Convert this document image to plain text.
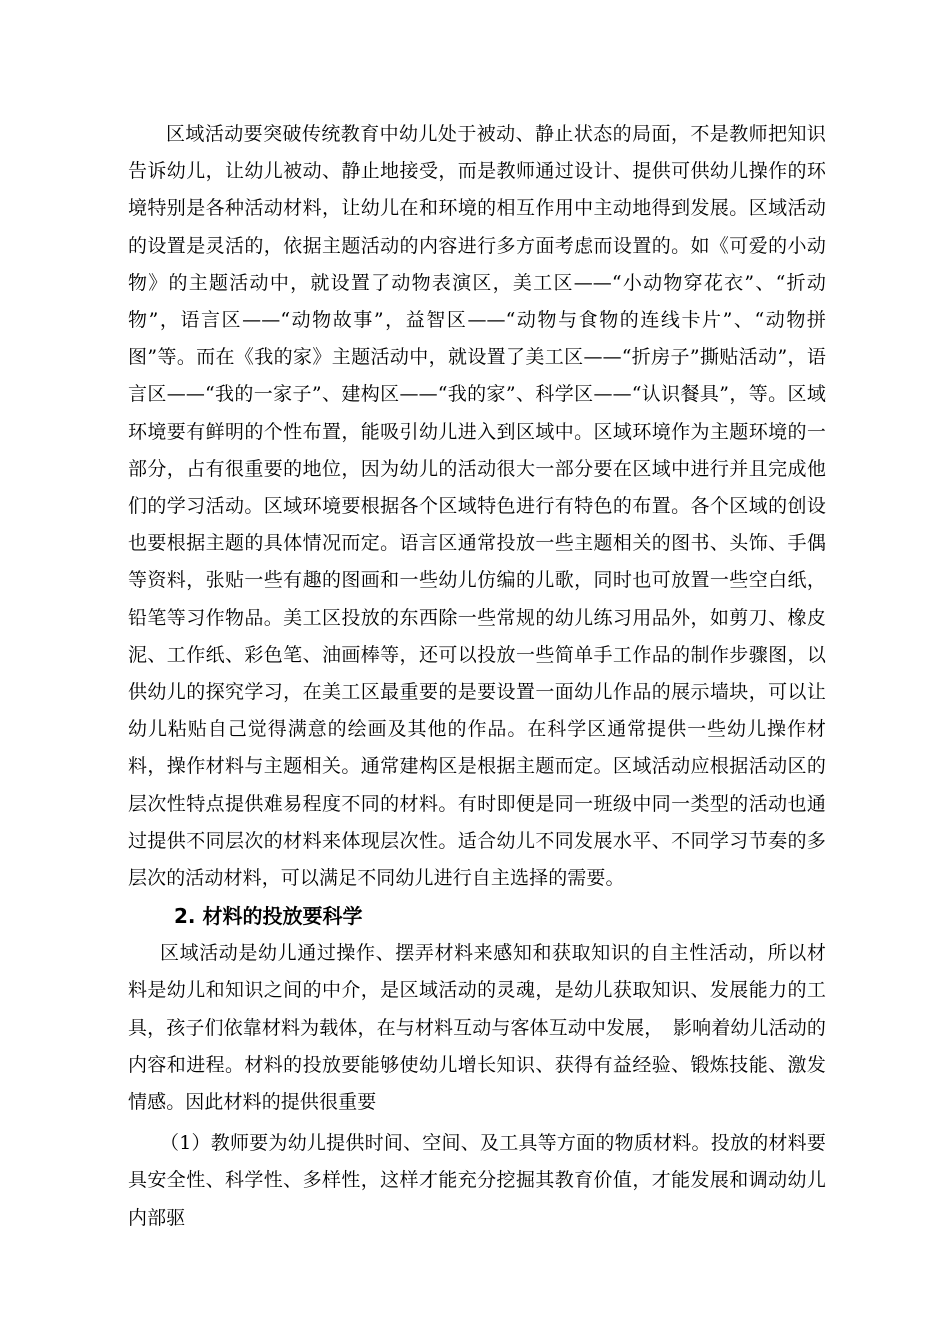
区域活动要突破传统教育中幼儿处于被动、静止状态的局面，不是教师把知识告诉幼儿，让幼儿被动、静止地接受，而是教师通过设计、提供可供幼儿操作的环境特别是各种活动材料，让幼儿在和环境的相互作用中主动地得到发展。区域活动的设置是灵活的，依据主题活动的内容进行多方面考虑而设置的。如《可爱的小动物》的主题活动中，就设置了动物表演区，美工区——“小动物穿花衣”、“折动物”，语言区——“动物故事”，益智区——“动物与食物的连线卡片”、“动物拼图”等。而在《我的家》主题活动中，就设置了美工区——“折房子”撕贴活动”，语言区——“我的一家子”、建构区——“我的家”、科学区——“认识餐具”，等。区域环境要有鲜明的个性布置，能吸引幼儿进入到区域中。区域环境作为主题环境的一部分，占有很重要的地位，因为幼儿的活动很大一部分要在区域中进行并且完成他们的学习活动。区域环境要根据各个区域特色进行有特色的布置。各个区域的创设也要根据主题的具体情况而定。语言区通常投放一些主题相关的图书、头饰、手偶等资料，张贴一些有趣的图画和一些幼儿仿编的儿歌，同时也可放置一些空白纸，铅笔等习作物品。美工区投放的东西除一些常规的幼儿练习用品外，如剪刀、橡皮泥、工作纸、彩色笔、油画棒等，还可以投放一些简单手工作品的制作步骤图，以供幼儿的探究学习，在美工区最重要的是要设置一面幼儿作品的展示墙块，可以让幼儿粘贴自己觉得满意的绘画及其他的作品。在科学区通常提供一些幼儿操作材料，操作材料与主题相关。通常建构区是根据主题而定。区域活动应根据活动区的层次性特点提供难易程度不同的材料。有时即便是同一班级中同一类型的活动也通过提供不同层次的材料来体现层次性。适合幼儿不同发展水平、不同学习节奏的多层次的活动材料，可以满足不同幼儿进行自主选择的需要。

2. 材料的投放要科学

区域活动是幼儿通过操作、摆弄材料来感知和获取知识的自主性活动，所以材料是幼儿和知识之间的中介，是区域活动的灵魂，是幼儿获取知识、发展能力的工具，孩子们依靠材料为载体，在与材料互动与客体互动中发展，　影响着幼儿活动的内容和进程。材料的投放要能够使幼儿增长知识、获得有益经验、锻炼技能、激发情感。因此材料的提供很重要

（1）教师要为幼儿提供时间、空间、及工具等方面的物质材料。投放的材料要具安全性、科学性、多样性，这样才能充分挖掘其教育价值，才能发展和调动幼儿内部驱
